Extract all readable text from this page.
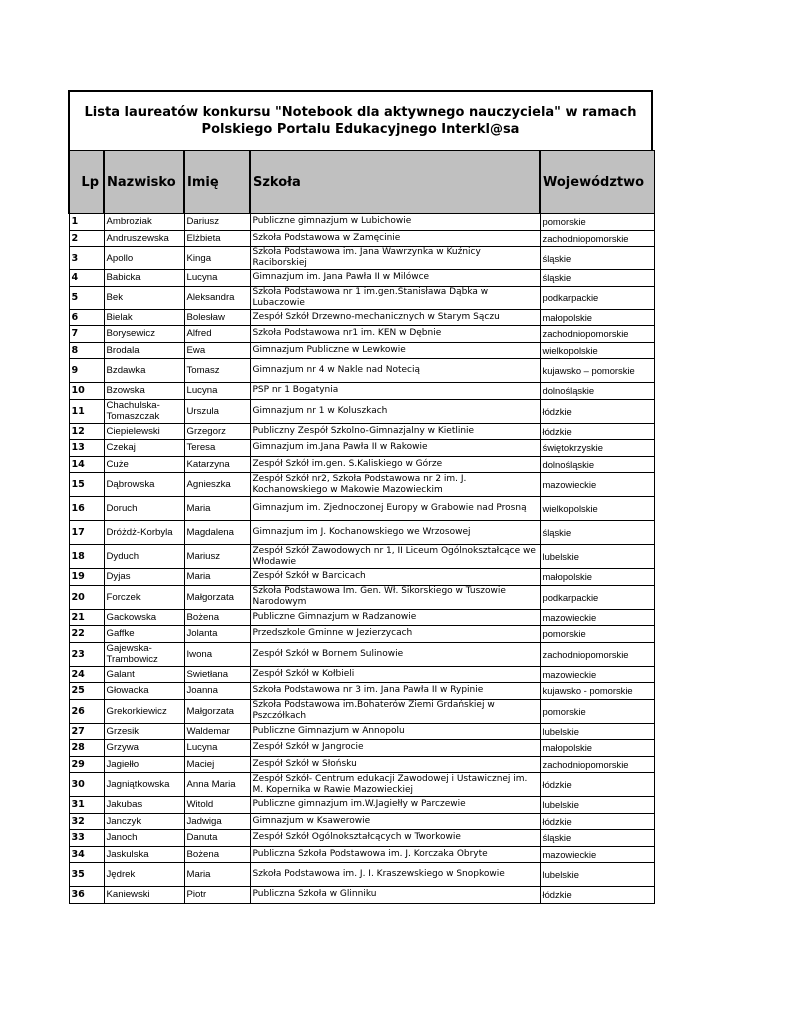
Lista laureatów konkursu "Notebook dla aktywnego nauczyciela" w ramach Polskiego Portalu Edukacyjnego Interkl@sa
Lp	Nazwisko	Imię	Szkoła	Województwo
1	Ambroziak	Dariusz	Publiczne gimnazjum w Lubichowie	pomorskie
2	Andruszewska	Elżbieta	Szkoła Podstawowa w Zamęcinie	zachodniopomorskie
3	Apollo	Kinga	Szkoła Podstawowa im. Jana Wawrzynka w Kuźnicy Raciborskiej	śląskie
4	Babicka	Lucyna	Gimnazjum im. Jana Pawła II w Milówce	śląskie
5	Bek	Aleksandra	Szkoła Podstawowa nr 1 im.gen.Stanisława Dąbka w Lubaczowie	podkarpackie
6	Bielak	Bolesław	Zespół Szkół Drzewno-mechanicznych w Starym Sączu	małopolskie
7	Borysewicz	Alfred	Szkoła Podstawowa nr1 im. KEN w Dębnie	zachodniopomorskie
8	Brodala	Ewa	Gimnazjum Publiczne w Lewkowie	wielkopolskie
9	Bzdawka	Tomasz	Gimnazjum nr 4 w Nakle nad Notecią	kujawsko – pomorskie
10	Bzowska	Lucyna	PSP nr 1 Bogatynia	dolnośląskie
11	Chachulska-Tomaszczak	Urszula	Gimnazjum nr 1 w Koluszkach	łódzkie
12	Ciepielewski	Grzegorz	Publiczny Zespół Szkolno-Gimnazjalny w Kietlinie	łódzkie
13	Czekaj	Teresa	Gimnazjum im.Jana Pawła II w Rakowie	świętokrzyskie
14	Cuże	Katarzyna	Zespół Szkół im.gen. S.Kaliskiego w Górze	dolnośląskie
15	Dąbrowska	Agnieszka	Zespół Szkół nr2, Szkoła Podstawowa nr 2 im. J. Kochanowskiego w Makowie Mazowieckim	mazowieckie
16	Doruch	Maria	Gimnazjum im. Zjednoczonej Europy w Grabowie nad Prosną	wielkopolskie
17	Dróżdż-Korbyla	Magdalena	Gimnazjum im J. Kochanowskiego we Wrzosowej	śląskie
18	Dyduch	Mariusz	Zespół Szkół Zawodowych nr 1, II Liceum Ogólnokształcące we Włodawie	lubelskie
19	Dyjas	Maria	Zespół Szkół w Barcicach	małopolskie
20	Forczek	Małgorzata	Szkoła Podstawowa Im. Gen. Wł. Sikorskiego w Tuszowie Narodowym	podkarpackie
21	Gackowska	Bożena	Publiczne Gimnazjum w Radzanowie	mazowieckie
22	Gaffke	Jolanta	Przedszkole Gminne w Jezierzycach	pomorskie
23	Gajewska-Trambowicz	Iwona	Zespół Szkół w Bornem Sulinowie	zachodniopomorskie
24	Galant	Swietłana	Zespół Szkół w Kołbieli	mazowieckie
25	Głowacka	Joanna	Szkoła Podstawowa nr 3 im. Jana Pawła II w Rypinie	kujawsko - pomorskie
26	Grekorkiewicz	Małgorzata	Szkoła Podstawowa im.Bohaterów Ziemi Grdańskiej w Pszczółkach	pomorskie
27	Grzesik	Waldemar	Publiczne Gimnazjum w Annopolu	lubelskie
28	Grzywa	Lucyna	Zespół Szkół w Jangrocie	małopolskie
29	Jagiełło	Maciej	Zespół Szkół w Słońsku	zachodniopomorskie
30	Jagniątkowska	Anna Maria	Zespół Szkół- Centrum edukacji Zawodowej i Ustawicznej im. M. Kopernika w Rawie Mazowieckiej	łódzkie
31	Jakubas	Witold	Publiczne gimnazjum im.W.Jagiełły w Parczewie	lubelskie
32	Janczyk	Jadwiga	Gimnazjum w Ksawerowie	łódzkie
33	Janoch	Danuta	Zespół Szkół Ogólnokształcących w Tworkowie	śląskie
34	Jaskulska	Bożena	Publiczna Szkoła Podstawowa im. J. Korczaka Obryte	mazowieckie
35	Jędrek	Maria	Szkoła Podstawowa im. J. I. Kraszewskiego w Snopkowie	lubelskie
36	Kaniewski	Piotr	Publiczna Szkoła w Glinniku	łódzkie
